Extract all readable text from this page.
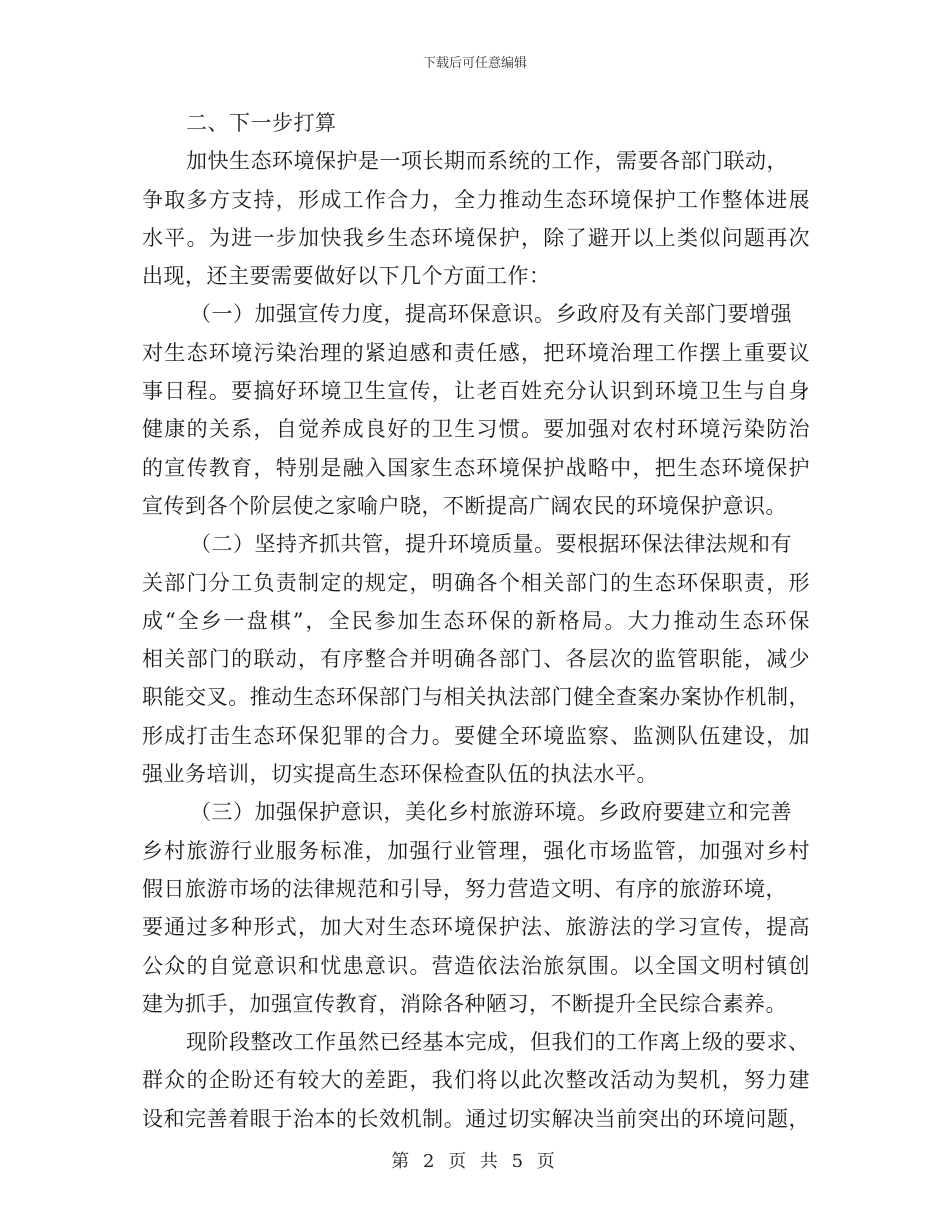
下载后可任意编辑
二、下一步打算
加快生态环境保护是一项长期而系统的工作，需要各部门联动，
争取多方支持，形成工作合力，全力推动生态环境保护工作整体进展
水平。为进一步加快我乡生态环境保护，除了避开以上类似问题再次
出现，还主要需要做好以下几个方面工作：
（一）加强宣传力度，提高环保意识。乡政府及有关部门要增强
对生态环境污染治理的紧迫感和责任感，把环境治理工作摆上重要议
事日程。要搞好环境卫生宣传，让老百姓充分认识到环境卫生与自身
健康的关系，自觉养成良好的卫生习惯。要加强对农村环境污染防治
的宣传教育，特别是融入国家生态环境保护战略中，把生态环境保护
宣传到各个阶层使之家喻户晓，不断提高广阔农民的环境保护意识。
（二）坚持齐抓共管，提升环境质量。要根据环保法律法规和有
关部门分工负责制定的规定，明确各个相关部门的生态环保职责，形
成“全乡一盘棋”，全民参加生态环保的新格局。大力推动生态环保
相关部门的联动，有序整合并明确各部门、各层次的监管职能，减少
职能交叉。推动生态环保部门与相关执法部门健全查案办案协作机制，
形成打击生态环保犯罪的合力。要健全环境监察、监测队伍建设，加
强业务培训，切实提高生态环保检查队伍的执法水平。
（三）加强保护意识，美化乡村旅游环境。乡政府要建立和完善
乡村旅游行业服务标准，加强行业管理，强化市场监管，加强对乡村
假日旅游市场的法律规范和引导，努力营造文明、有序的旅游环境，
要通过多种形式，加大对生态环境保护法、旅游法的学习宣传，提高
公众的自觉意识和忧患意识。营造依法治旅氛围。以全国文明村镇创
建为抓手，加强宣传教育，消除各种陋习，不断提升全民综合素养。
现阶段整改工作虽然已经基本完成，但我们的工作离上级的要求、
群众的企盼还有较大的差距，我们将以此次整改活动为契机，努力建
设和完善着眼于治本的长效机制。通过切实解决当前突出的环境问题，
第 2 页 共 5 页
